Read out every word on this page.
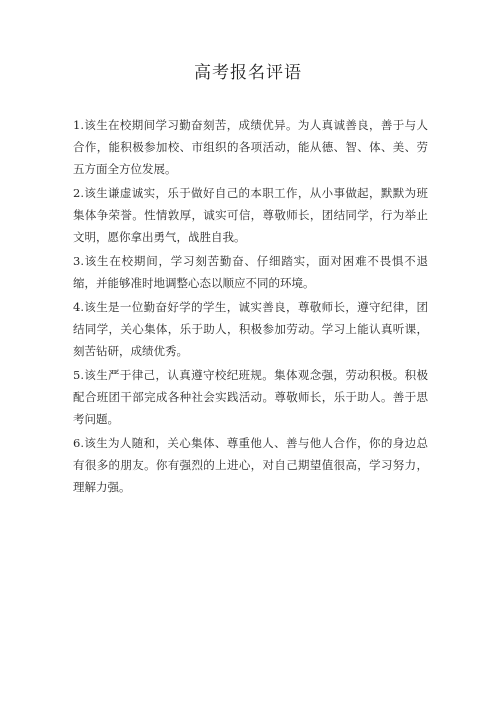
高考报名评语

1.该生在校期间学习勤奋刻苦，成绩优异。为人真诚善良，善于与人合作，能积极参加校、市组织的各项活动，能从德、智、体、美、劳五方面全方位发展。

2.该生谦虚诚实，乐于做好自己的本职工作，从小事做起，默默为班集体争荣誉。性情敦厚，诚实可信，尊敬师长，团结同学，行为举止文明，愿你拿出勇气，战胜自我。

3.该生在校期间，学习刻苦勤奋、仔细踏实，面对困难不畏惧不退缩，并能够准时地调整心态以顺应不同的环境。

4.该生是一位勤奋好学的学生，诚实善良，尊敬师长，遵守纪律，团结同学，关心集体，乐于助人，积极参加劳动。学习上能认真听课，刻苦钻研，成绩优秀。

5.该生严于律己，认真遵守校纪班规。集体观念强，劳动积极。积极配合班团干部完成各种社会实践活动。尊敬师长，乐于助人。善于思考问题。

6.该生为人随和，关心集体、尊重他人、善与他人合作，你的身边总有很多的朋友。你有强烈的上进心，对自己期望值很高，学习努力，理解力强。
